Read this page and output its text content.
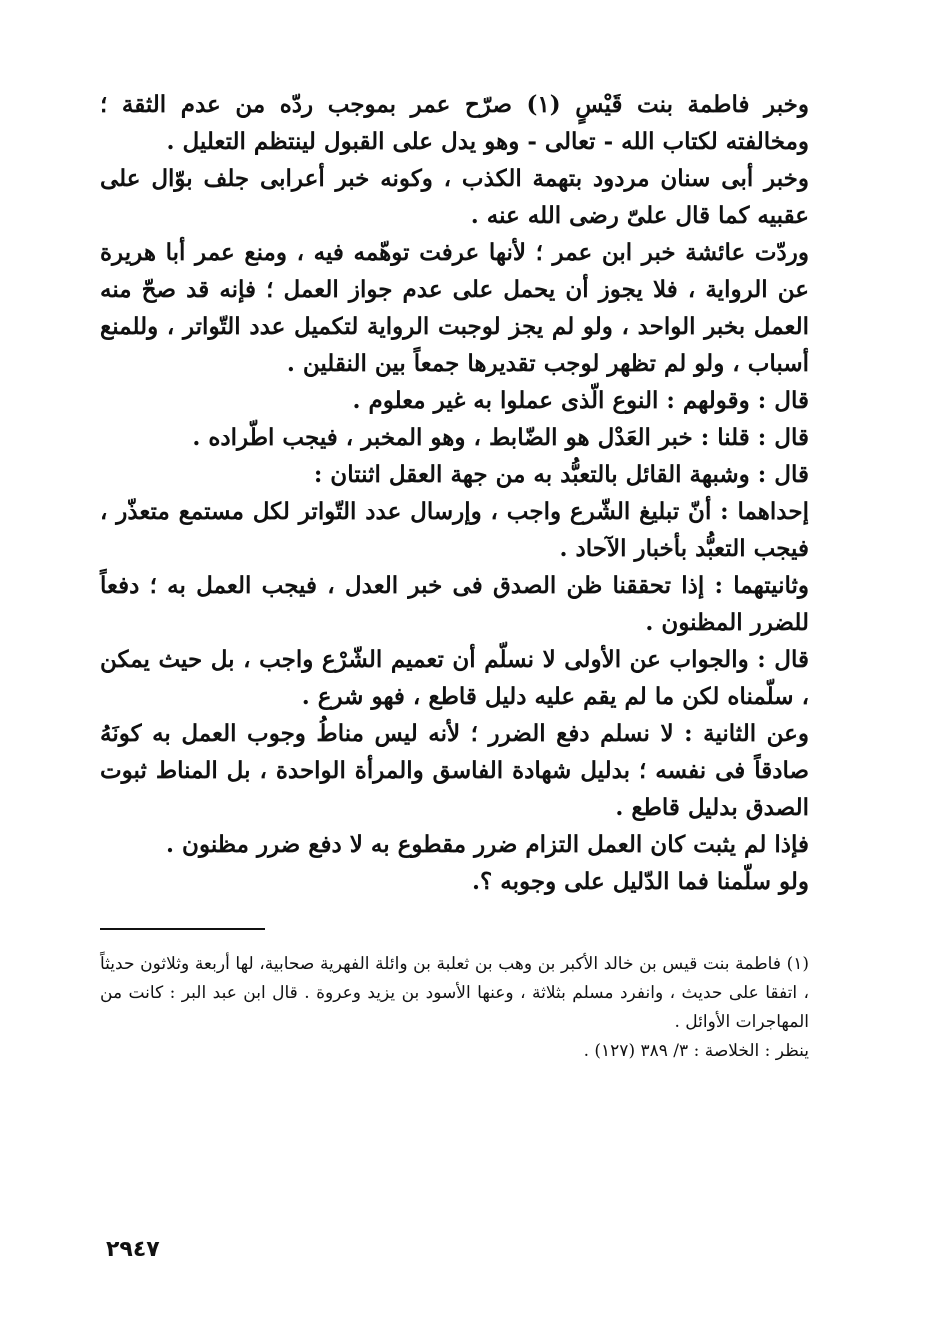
وخبر فاطمة بنت قَيْسٍ (١) صرّح عمر بموجب ردّه من عدم الثقة ؛ ومخالفته لكتاب الله - تعالى - وهو يدل على القبول لينتظم التعليل .

وخبر أبى سنان مردود بتهمة الكذب ، وكونه خبر أعرابى جلف بوّال على عقبيه كما قال علىّ رضى الله عنه .

وردّت عائشة خبر ابن عمر ؛ لأنها عرفت توهّمه فيه ، ومنع عمر أبا هريرة عن الرواية ، فلا يجوز أن يحمل على عدم جواز العمل ؛ فإنه قد صحّ منه العمل بخبر الواحد ، ولو لم يجز لوجبت الرواية لتكميل عدد التّواتر ، وللمنع أسباب ، ولو لم تظهر لوجب تقديرها جمعاً بين النقلين .

قال : وقولهم : النوع الّذى عملوا به غير معلوم .

قال : قلنا : خبر العَدْل هو الضّابط ، وهو المخبر ، فيجب اطّراده .

قال : وشبهة القائل بالتعبُّد به من جهة العقل اثنتان :

إحداهما : أنّ تبليغ الشّرع واجب ، وإرسال عدد التّواتر لكل مستمع متعذّر ، فيجب التعبُّد بأخبار الآحاد .

وثانيتهما : إذا تحققنا ظن الصدق فى خبر العدل ، فيجب العمل به ؛ دفعاً للضرر المظنون .

قال : والجواب عن الأولى لا نسلّم أن تعميم الشّرْع واجب ، بل حيث يمكن ، سلّمناه لكن ما لم يقم عليه دليل قاطع ، فهو شرع .

وعن الثانية : لا نسلم دفع الضرر ؛ لأنه ليس مناطُ وجوب العمل به كونَهُ صادقاً فى نفسه ؛ بدليل شهادة الفاسق والمرأة الواحدة ، بل المناط ثبوت الصدق بدليل قاطع .

فإذا لم يثبت كان العمل التزام ضرر مقطوع به لا دفع ضرر مظنون .

ولو سلّمنا فما الدّليل على وجوبه ؟.

(١) فاطمة بنت قيس بن خالد الأكبر بن وهب بن ثعلبة بن وائلة الفهرية صحابية، لها أربعة وثلاثون حديثاً ، اتفقا على حديث ، وانفرد مسلم بثلاثة ، وعنها الأسود بن يزيد وعروة . قال ابن عبد البر : كانت من المهاجرات الأوائل .

ينظر : الخلاصة : ٣/ ٣٨٩ (١٢٧) .

٢٩٤٧
